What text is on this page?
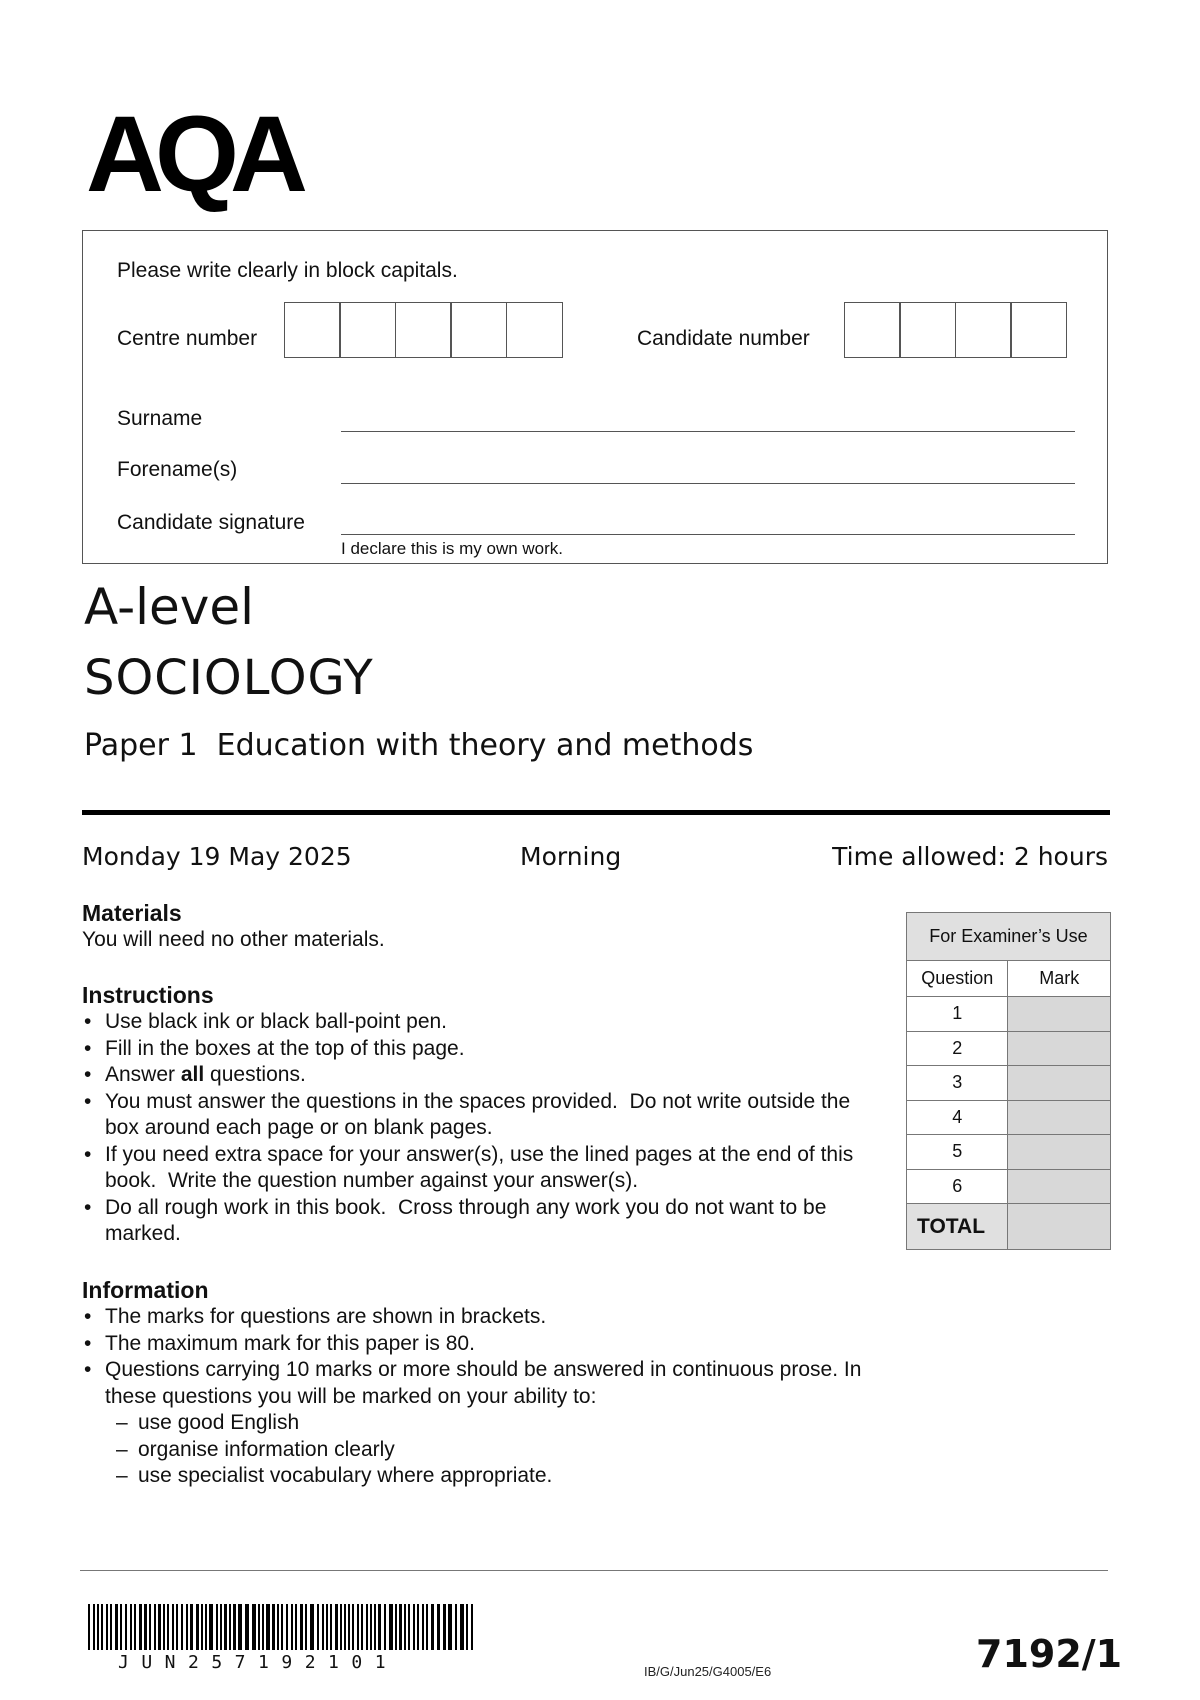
AQA
Please write clearly in block capitals.
Centre number	Candidate number
Surname
Forename(s)
Candidate signature
I declare this is my own work.
A-level
SOCIOLOGY
Paper 1  Education with theory and methods
Monday 19 May 2025	Morning	Time allowed: 2 hours
Materials
You will need no other materials.
Instructions
• Use black ink or black ball-point pen.
• Fill in the boxes at the top of this page.
• Answer all questions.
• You must answer the questions in the spaces provided.  Do not write outside the box around each page or on blank pages.
• If you need extra space for your answer(s), use the lined pages at the end of this book.  Write the question number against your answer(s).
• Do all rough work in this book.  Cross through any work you do not want to be marked.
Information
• The marks for questions are shown in brackets.
• The maximum mark for this paper is 80.
• Questions carrying 10 marks or more should be answered in continuous prose. In these questions you will be marked on your ability to:
– use good English
– organise information clearly
– use specialist vocabulary where appropriate.
For Examiner’s Use	
Question	Mark
1	
2	
3	
4	
5	
6	
TOTAL	
JUN257192101	IB/G/Jun25/G4005/E6	7192/1
